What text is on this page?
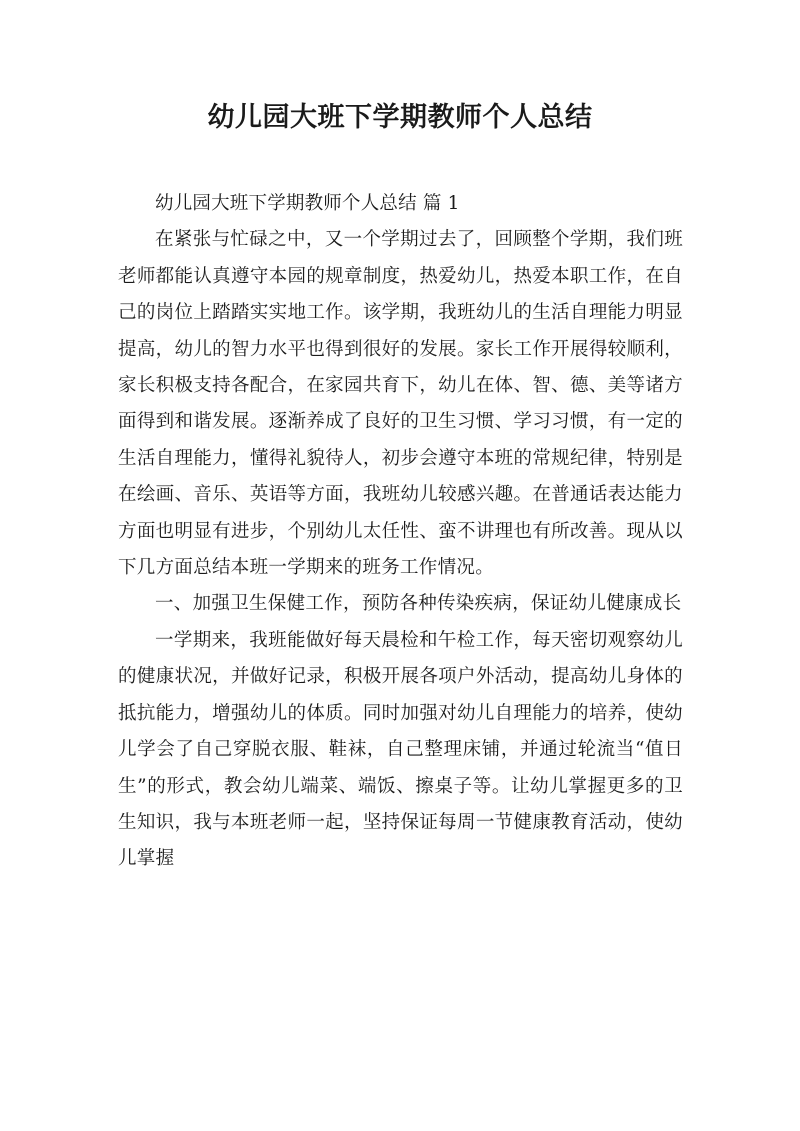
幼儿园大班下学期教师个人总结

幼儿园大班下学期教师个人总结 篇 1

在紧张与忙碌之中，又一个学期过去了，回顾整个学期，我们班老师都能认真遵守本园的规章制度，热爱幼儿，热爱本职工作，在自己的岗位上踏踏实实地工作。该学期，我班幼儿的生活自理能力明显提高，幼儿的智力水平也得到很好的发展。家长工作开展得较顺利，家长积极支持各配合，在家园共育下，幼儿在体、智、德、美等诸方面得到和谐发展。逐渐养成了良好的卫生习惯、学习习惯，有一定的生活自理能力，懂得礼貌待人，初步会遵守本班的常规纪律，特别是在绘画、音乐、英语等方面，我班幼儿较感兴趣。在普通话表达能力方面也明显有进步，个别幼儿太任性、蛮不讲理也有所改善。现从以下几方面总结本班一学期来的班务工作情况。

一、加强卫生保健工作，预防各种传染疾病，保证幼儿健康成长

一学期来，我班能做好每天晨检和午检工作，每天密切观察幼儿的健康状况，并做好记录，积极开展各项户外活动，提高幼儿身体的抵抗能力，增强幼儿的体质。同时加强对幼儿自理能力的培养，使幼儿学会了自己穿脱衣服、鞋袜，自己整理床铺，并通过轮流当“值日生”的形式，教会幼儿端菜、端饭、擦桌子等。让幼儿掌握更多的卫生知识，我与本班老师一起，坚持保证每周一节健康教育活动，使幼儿掌握
